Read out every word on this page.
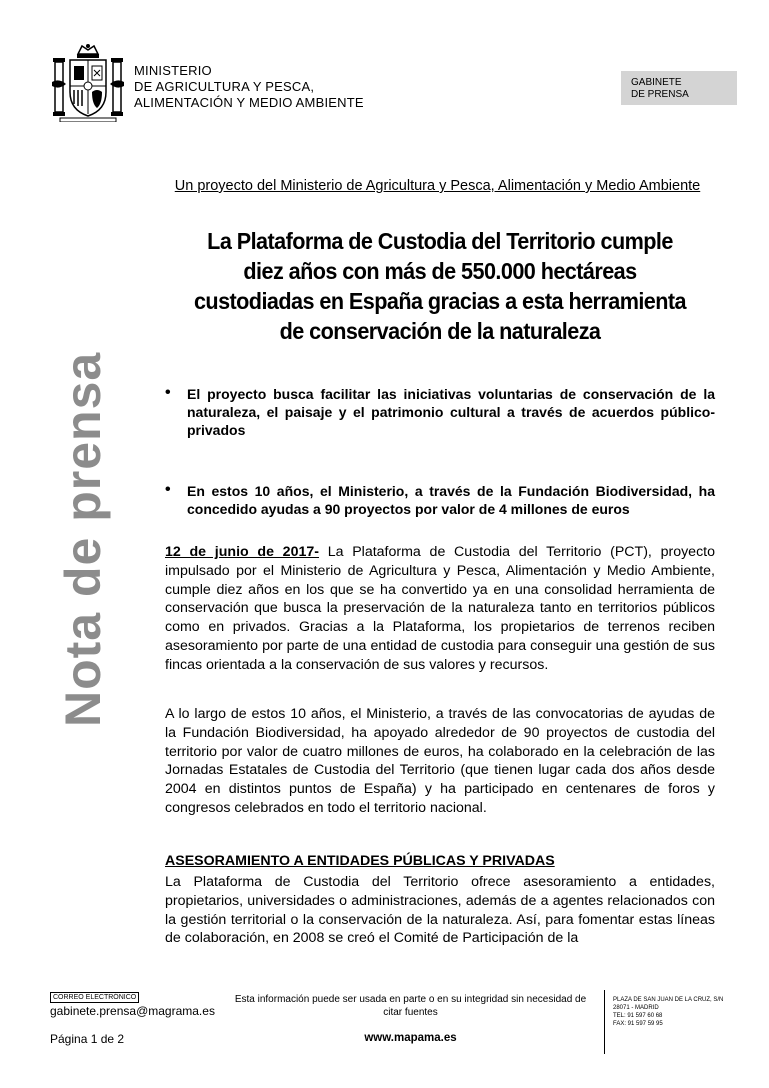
MINISTERIO
DE AGRICULTURA Y PESCA,
ALIMENTACIÓN Y MEDIO AMBIENTE
GABINETE
DE PRENSA
Nota de prensa
Un proyecto del Ministerio de Agricultura y Pesca, Alimentación y Medio Ambiente
La Plataforma de Custodia del Territorio cumple
diez años con más de 550.000 hectáreas
custodiadas en España gracias a esta herramienta
de conservación de la naturaleza
• El proyecto busca facilitar las iniciativas voluntarias de conservación de la naturaleza, el paisaje y el patrimonio cultural a través de acuerdos público-privados
• En estos 10 años, el Ministerio, a través de la Fundación Biodiversidad, ha concedido ayudas a 90 proyectos por valor de 4 millones de euros

12 de junio de 2017- La Plataforma de Custodia del Territorio (PCT), proyecto impulsado por el Ministerio de Agricultura y Pesca, Alimentación y Medio Ambiente, cumple diez años en los que se ha convertido ya en una consolidad herramienta de conservación que busca la preservación de la naturaleza tanto en territorios públicos como en privados. Gracias a la Plataforma, los propietarios de terrenos reciben asesoramiento por parte de una entidad de custodia para conseguir una gestión de sus fincas orientada a la conservación de sus valores y recursos.

A lo largo de estos 10 años, el Ministerio, a través de las convocatorias de ayudas de la Fundación Biodiversidad, ha apoyado alrededor de 90 proyectos de custodia del territorio por valor de cuatro millones de euros, ha colaborado en la celebración de las Jornadas Estatales de Custodia del Territorio (que tienen lugar cada dos años desde 2004 en distintos puntos de España) y ha participado en centenares de foros y congresos celebrados en todo el territorio nacional.

ASESORAMIENTO A ENTIDADES PÚBLICAS Y PRIVADAS

La Plataforma de Custodia del Territorio ofrece asesoramiento a entidades, propietarios, universidades o administraciones, además de a agentes relacionados con la gestión territorial o la conservación de la naturaleza. Así, para fomentar estas líneas de colaboración, en 2008 se creó el Comité de Participación de la

CORREO ELECTRÓNICO
gabinete.prensa@magrama.es
Esta información puede ser usada en parte o en su integridad sin necesidad de citar fuentes
Página 1 de 2	www.mapama.es
PLAZA DE SAN JUAN DE LA CRUZ, S/N
28071 - MADRID
TEL: 91 597 60 68
FAX: 91 597 59 95
